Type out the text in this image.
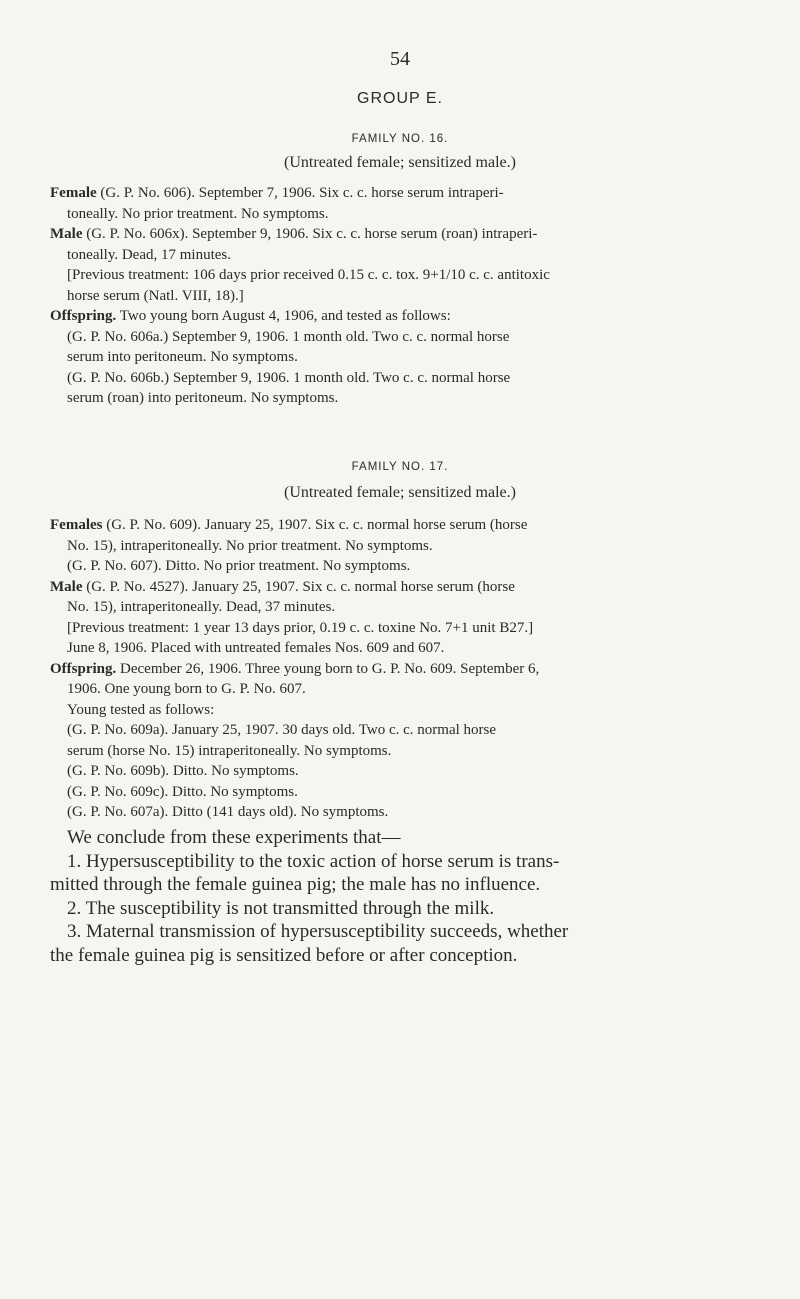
54
GROUP E.
FAMILY NO. 16.
(Untreated female; sensitized male.)
Female (G. P. No. 606). September 7, 1906. Six c. c. horse serum intraperi-
toneally. No prior treatment. No symptoms.
Male (G. P. No. 606x). September 9, 1906. Six c. c. horse serum (roan) intraperi-
toneally. Dead, 17 minutes.
[Previous treatment: 106 days prior received 0.15 c. c. tox. 9+1/10 c. c. antitoxic
horse serum (Natl. VIII, 18).]
Offspring. Two young born August 4, 1906, and tested as follows:
(G. P. No. 606a.) September 9, 1906. 1 month old. Two c. c. normal horse
serum into peritoneum. No symptoms.
(G. P. No. 606b.) September 9, 1906. 1 month old. Two c. c. normal horse
serum (roan) into peritoneum. No symptoms.
FAMILY NO. 17.
(Untreated female; sensitized male.)
Females (G. P. No. 609). January 25, 1907. Six c. c. normal horse serum (horse
No. 15), intraperitoneally. No prior treatment. No symptoms.
(G. P. No. 607). Ditto. No prior treatment. No symptoms.
Male (G. P. No. 4527). January 25, 1907. Six c. c. normal horse serum (horse
No. 15), intraperitoneally. Dead, 37 minutes.
[Previous treatment: 1 year 13 days prior, 0.19 c. c. toxine No. 7+1 unit B27.]
June 8, 1906. Placed with untreated females Nos. 609 and 607.
Offspring. December 26, 1906. Three young born to G. P. No. 609. September 6,
1906. One young born to G. P. No. 607.
Young tested as follows:
(G. P. No. 609a). January 25, 1907. 30 days old. Two c. c. normal horse
serum (horse No. 15) intraperitoneally. No symptoms.
(G. P. No. 609b). Ditto. No symptoms.
(G. P. No. 609c). Ditto. No symptoms.
(G. P. No. 607a). Ditto (141 days old). No symptoms.
We conclude from these experiments that—
1. Hypersusceptibility to the toxic action of horse serum is trans-
mitted through the female guinea pig; the male has no influence.
2. The susceptibility is not transmitted through the milk.
3. Maternal transmission of hypersusceptibility succeeds, whether
the female guinea pig is sensitized before or after conception.
